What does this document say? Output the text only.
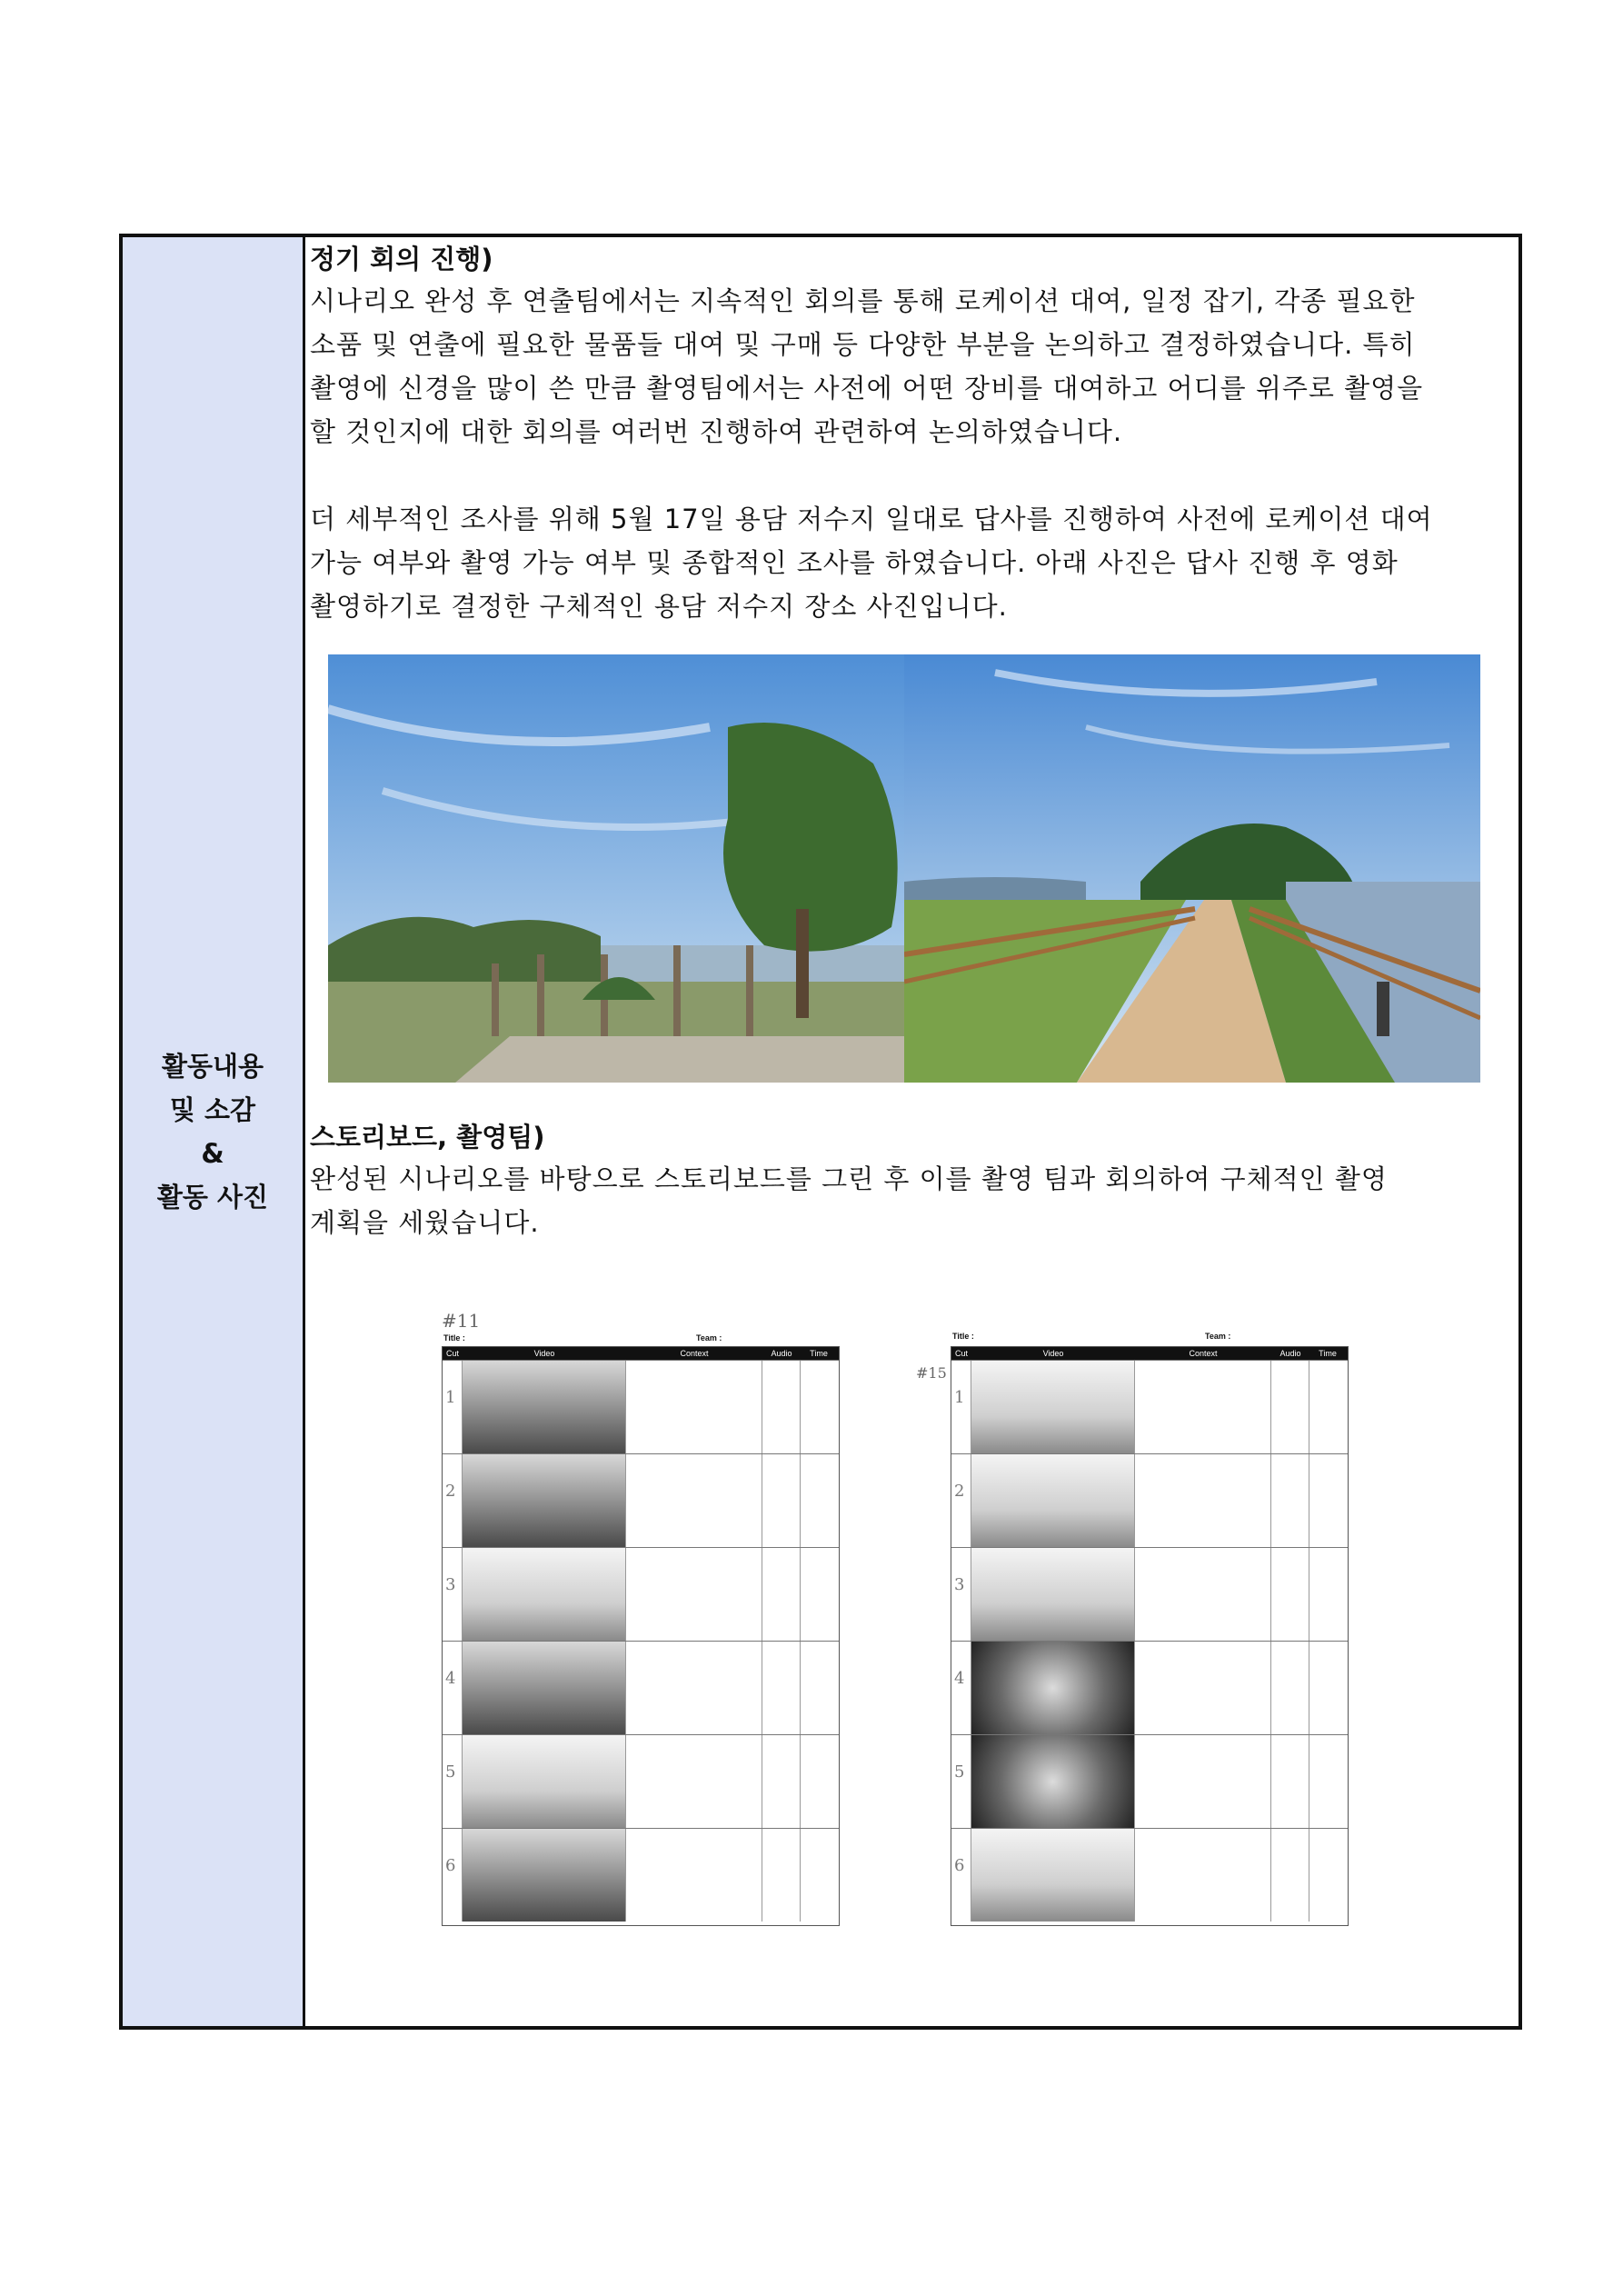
활동내용
및 소감
&
활동 사진

정기 회의 진행)

시나리오 완성 후 연출팀에서는 지속적인 회의를 통해 로케이션 대여, 일정 잡기, 각종 필요한

소품 및 연출에 필요한 물품들 대여 및 구매 등 다양한 부분을 논의하고 결정하였습니다. 특히

촬영에 신경을 많이 쓴 만큼 촬영팀에서는 사전에 어떤 장비를 대여하고 어디를 위주로 촬영을

할 것인지에 대한 회의를 여러번 진행하여 관련하여 논의하였습니다.

더 세부적인 조사를 위해 5월 17일 용담 저수지 일대로 답사를 진행하여 사전에 로케이션 대여

가능 여부와 촬영 가능 여부 및 종합적인 조사를 하였습니다. 아래 사진은 답사 진행 후 영화

촬영하기로 결정한 구체적인 용담 저수지 장소 사진입니다.

스토리보드, 촬영팀)

완성된 시나리오를 바탕으로 스토리보드를 그린 후 이를 촬영 팀과 회의하여 구체적인 촬영

계획을 세웠습니다.

#11
Title :	Team :
Cut	Video	Context	Audio	Time
1
2
3
4
5
6
Title :	Team :
#15
Cut	Video	Context	Audio	Time
1
2
3
4
5
6
